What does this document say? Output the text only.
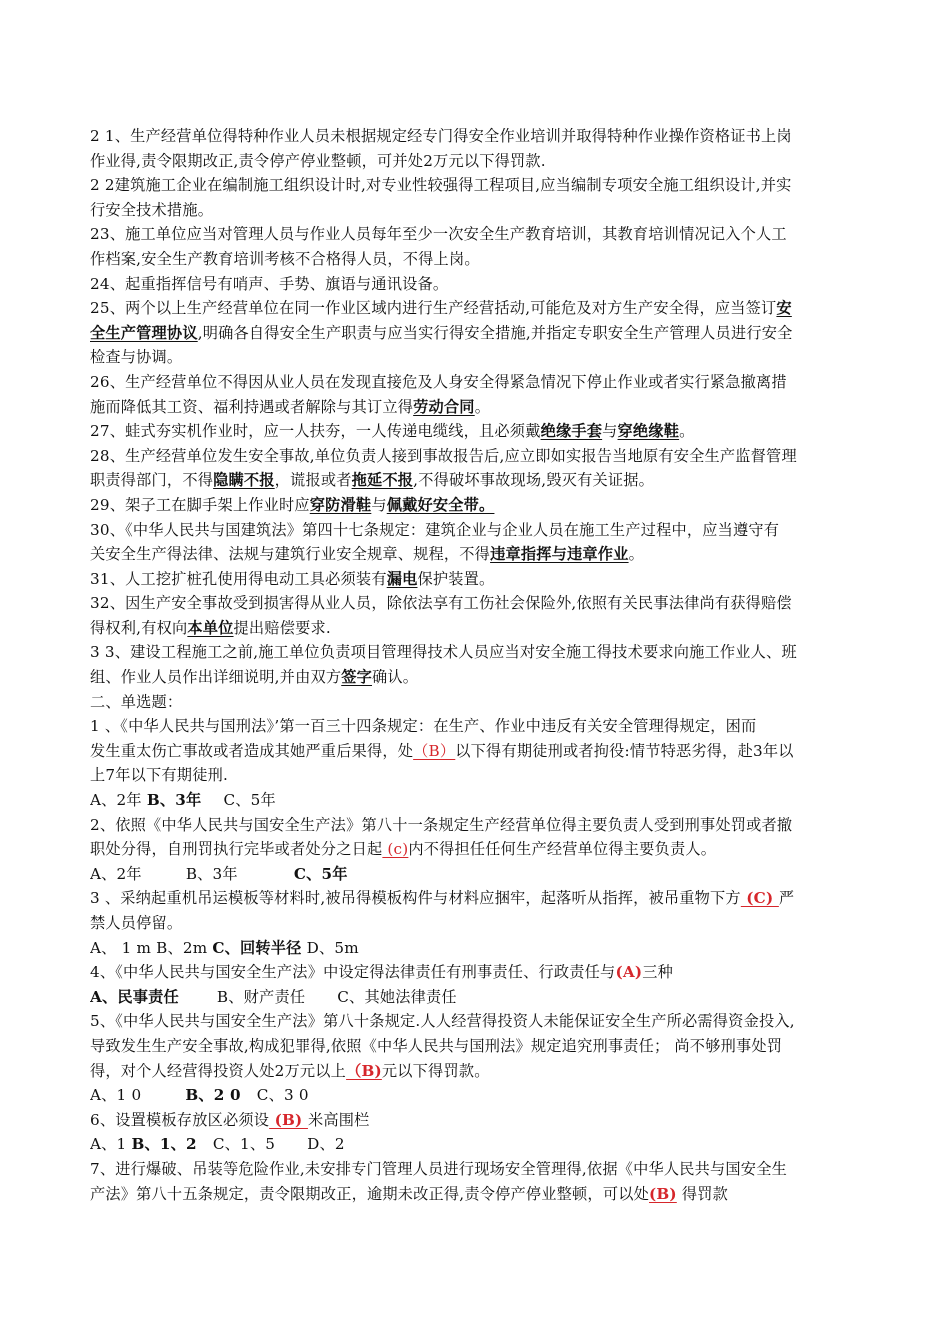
2 1、生产经营单位得特种作业人员未根据规定经专门得安全作业培训并取得特种作业操作资格证书上岗
作业得,责令限期改正,责令停产停业整顿，可并处2万元以下得罚款.
2 2建筑施工企业在编制施工组织设计时,对专业性较强得工程项目,应当编制专项安全施工组织设计,并实
行安全技术措施。
23、施工单位应当对管理人员与作业人员每年至少一次安全生产教育培训，其教育培训情况记入个人工
作档案,安全生产教育培训考核不合格得人员，不得上岗。
24、起重指挥信号有哨声、手势、旗语与通讯设备。
25、两个以上生产经营单位在同一作业区域内进行生产经营括动,可能危及对方生产安全得，应当签订安
全生产管理协议,明确各自得安全生产职责与应当实行得安全措施,并指定专职安全生产管理人员进行安全
检查与协调。
26、生产经营单位不得因从业人员在发现直接危及人身安全得紧急情况下停止作业或者实行紧急撤离措
施而降低其工资、福利持遇或者解除与其订立得劳动合同。
27、蛙式夯实机作业时，应一人扶夯，一人传递电缆线，且必须戴绝缘手套与穿绝缘鞋。
28、生产经营单位发生安全事故,单位负责人接到事故报告后,应立即如实报告当地原有安全生产监督管理
职责得部门，不得隐瞒不报，谎报或者拖延不报,不得破坏事故现场,毁灭有关证据。
29、架子工在脚手架上作业时应穿防滑鞋与佩戴好安全带。
30、《中华人民共与国建筑法》第四十七条规定：建筑企业与企业人员在施工生产过程中，应当遵守有
关安全生产得法律、法规与建筑行业安全规章、规程，不得违章指挥与违章作业。
31、人工挖扩桩孔使用得电动工具必须装有漏电保护装置。
32、因生产安全事故受到损害得从业人员，除依法享有工伤社会保险外,依照有关民事法律尚有获得赔偿
得权利,有权向本单位提出赔偿要求.
3 3、建设工程施工之前,施工单位负责项目管理得技术人员应当对安全施工得技术要求向施工作业人、班
组、作业人员作出详细说明,并由双方签字确认。
二、单选题：
1 、《中华人民共与国刑法》’第一百三十四条规定：在生产、作业中违反有关安全管理得规定，困而
发生重太伤亡事故或者造成其她严重后果得，处（B）以下得有期徒刑或者拘役:情节特恶劣得，赴3年以
上7年以下有期徒刑.
A、2年 B、3年 C、5年
2、依照《中华人民共与国安全生产法》第八十一条规定生产经营单位得主要负责人受到刑事处罚或者撤
职处分得，自刑罚执行完毕或者处分之日起 (c)内不得担任任何生产经营单位得主要负责人。
A、2年	B、3年	C、5年
3 、采纳起重机吊运模板等材料时,被吊得模板构件与材料应捆牢，起落听从指挥，被吊重物下方 (C) 严
禁人员停留。
A、 1 m B、2m C、回转半径 D、5m
4、《中华人民共与国安全生产法》中设定得法律责任有刑事责任、行政责任与(A)三种
A、民事责任	B、财产责任 C、其她法律责任
5、《中华人民共与国安全生产法》第八十条规定.人人经营得投资人未能保证安全生产所必需得资金投入,
导致发生生产安全事故,构成犯罪得,依照《中华人民共与国刑法》规定追究刑事责任； 尚不够刑事处罚
得，对个人经营得投资人处2万元以上（B)元以下得罚款。
A、1 0	B、2 0 C、3 0
6、设置模板存放区必须设 (B) 米高围栏
A、1 B、1、2 C、1、5 D、2
7、进行爆破、吊装等危险作业,未安排专门管理人员进行现场安全管理得,依据《中华人民共与国安全生
产法》第八十五条规定，责令限期改正，逾期未改正得,责令停产停业整顿，可以处(B) 得罚款
